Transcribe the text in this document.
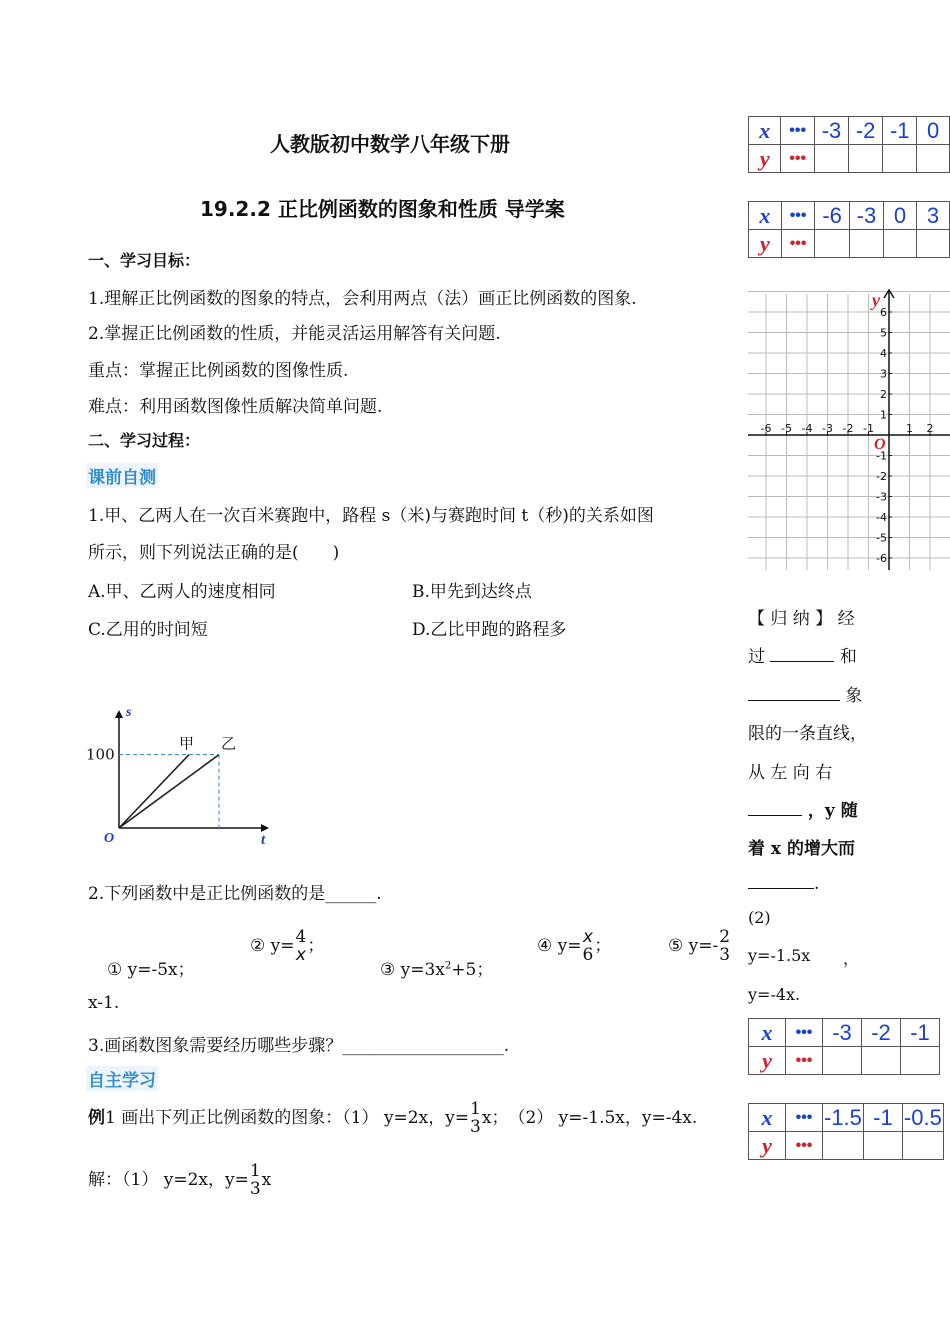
人教版初中数学八年级下册
19.2.2 正比例函数的图象和性质 导学案
一、学习目标：
1.理解正比例函数的图象的特点，会利用两点（法）画正比例函数的图象.
2.掌握正比例函数的性质，并能灵活运用解答有关问题.
重点：掌握正比例函数的图像性质.
难点：利用函数图像性质解决简单问题.
二、学习过程：
课前自测
1.甲、乙两人在一次百米赛跑中，路程 s（米)与赛跑时间 t（秒)的关系如图
所示，则下列说法正确的是(　　)
A.甲、乙两人的速度相同	B.甲先到达终点
C.乙用的时间短	D.乙比甲跑的路程多
s
t
O
100
甲 乙
2.下列函数中是正比例函数的是______.
① y=-5x；
② y= 4
x ；
③ $y=3x^2+5$；
④ y= x
6 ；	⑤ y=- 2
3
x-1.
3.画函数图象需要经历哪些步骤？___________________.
自主学习
例1 画出下列正比例函数的图象：（1） y=2x，y= 1
3 x；　（2） y=-1.5x，y=-4x.
解：（1） y=2x，y= 1
3 x
x	•••	-3	-2	-1	0
y	•••				
x	•••	-6	-3	0	3
y	•••				
y
O
-6 -5 -4 -3 -2 -1	1 2
6
5
4
3
2
1
-1
-2
-3
-4
-5
-6
【 归 纳 】 经
过	和
象
限的一条直线，
从 左 向 右
，y 随
着 x 的增大而
.
(2)
y=-1.5x ，
y=-4x.
x	•••	-3	-2	-1
y	•••			
x	•••	-1.5	-1	-0.5
y	•••			
